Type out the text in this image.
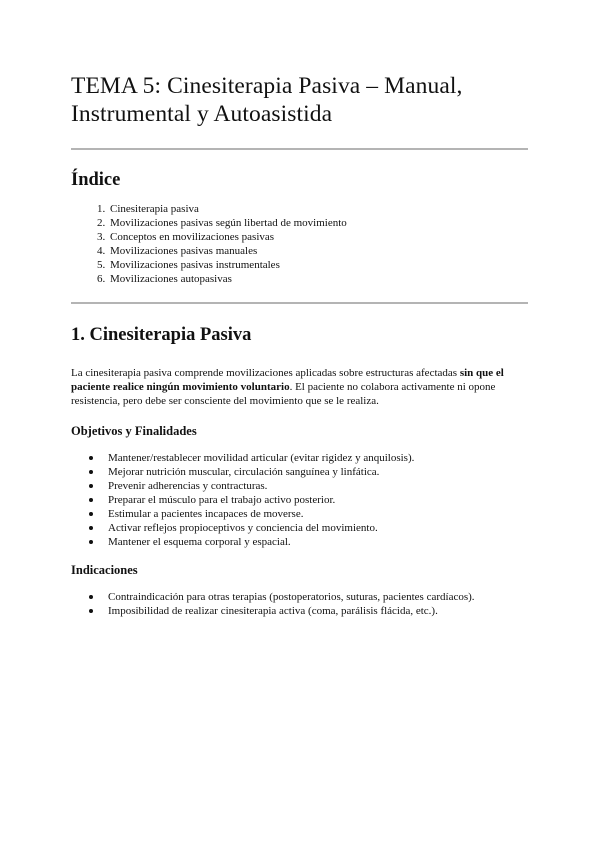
TEMA 5: Cinesiterapia Pasiva – Manual, Instrumental y Autoasistida
Índice
1. Cinesiterapia pasiva
2. Movilizaciones pasivas según libertad de movimiento
3. Conceptos en movilizaciones pasivas
4. Movilizaciones pasivas manuales
5. Movilizaciones pasivas instrumentales
6. Movilizaciones autopasivas
1. Cinesiterapia Pasiva

La cinesiterapia pasiva comprende movilizaciones aplicadas sobre estructuras afectadas sin que el paciente realice ningún movimiento voluntario. El paciente no colabora activamente ni opone resistencia, pero debe ser consciente del movimiento que se le realiza.

Objetivos y Finalidades
Mantener/restablecer movilidad articular (evitar rigidez y anquilosis).
Mejorar nutrición muscular, circulación sanguínea y linfática.
Prevenir adherencias y contracturas.
Preparar el músculo para el trabajo activo posterior.
Estimular a pacientes incapaces de moverse.
Activar reflejos propioceptivos y conciencia del movimiento.
Mantener el esquema corporal y espacial.
Indicaciones
Contraindicación para otras terapias (postoperatorios, suturas, pacientes cardíacos).
Imposibilidad de realizar cinesiterapia activa (coma, parálisis flácida, etc.).
